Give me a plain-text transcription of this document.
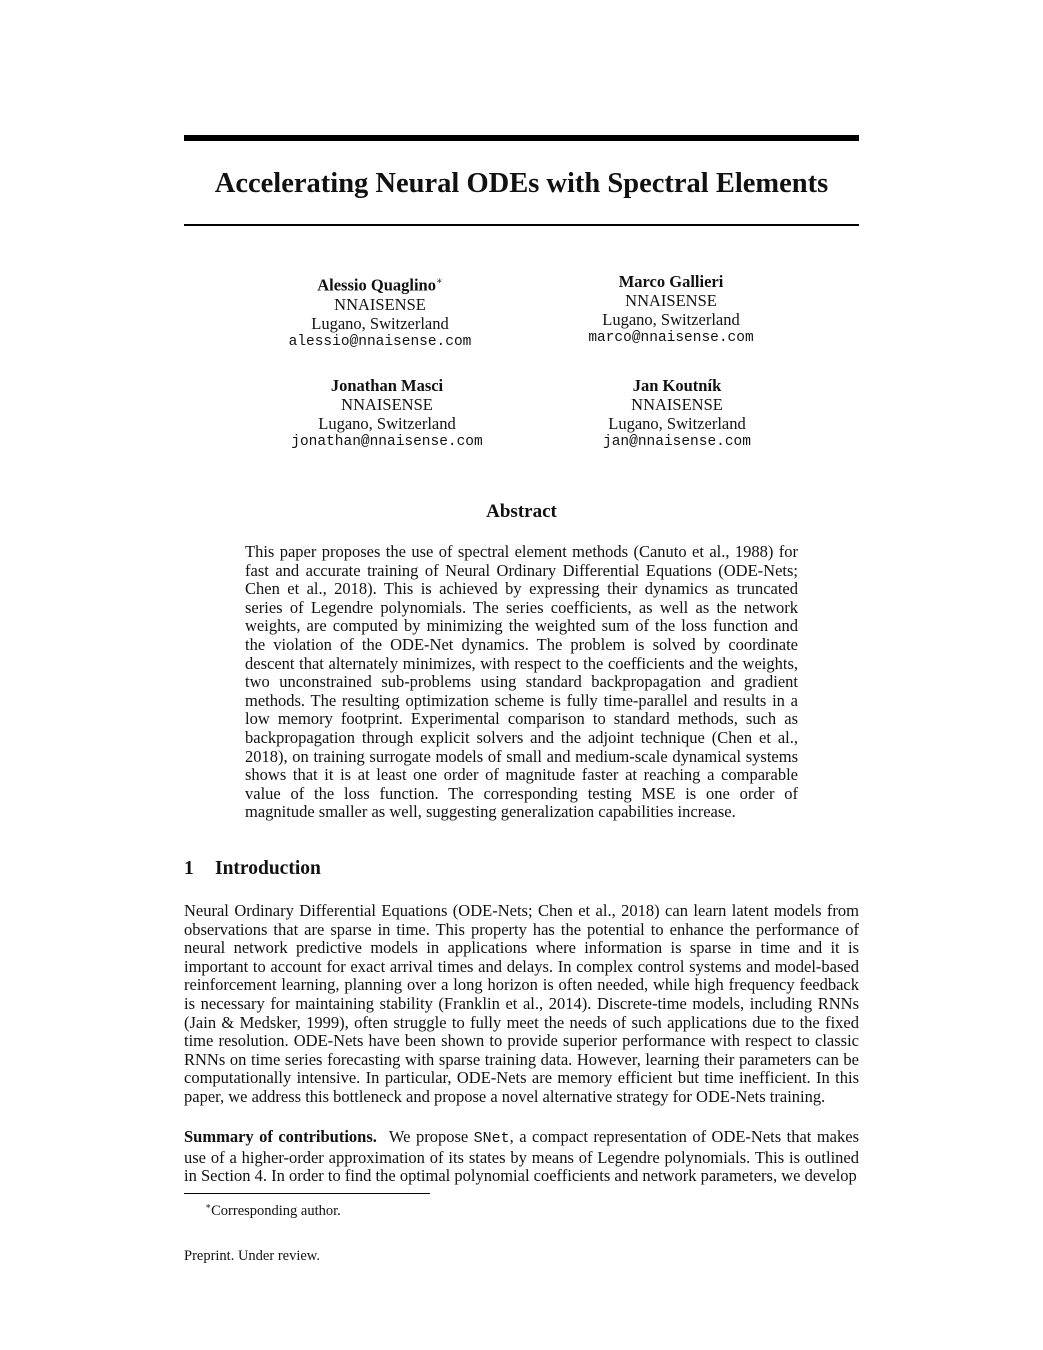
Accelerating Neural ODEs with Spectral Elements
Alessio Quaglino∗
NNAISENSE
Lugano, Switzerland
alessio@nnaisense.com
Marco Gallieri
NNAISENSE
Lugano, Switzerland
marco@nnaisense.com
Jonathan Masci
NNAISENSE
Lugano, Switzerland
jonathan@nnaisense.com
Jan Koutník
NNAISENSE
Lugano, Switzerland
jan@nnaisense.com
Abstract

This paper proposes the use of spectral element methods (Canuto et al., 1988) for fast and accurate training of Neural Ordinary Differential Equations (ODE-Nets; Chen et al., 2018). This is achieved by expressing their dynamics as truncated series of Legendre polynomials. The series coefficients, as well as the network weights, are computed by minimizing the weighted sum of the loss function and the violation of the ODE-Net dynamics. The problem is solved by coordinate descent that alternately minimizes, with respect to the coefficients and the weights, two unconstrained sub-problems using standard backpropagation and gradient methods. The resulting optimization scheme is fully time-parallel and results in a low memory footprint. Experimental comparison to standard methods, such as backpropagation through explicit solvers and the adjoint technique (Chen et al., 2018), on training surrogate models of small and medium-scale dynamical systems shows that it is at least one order of magnitude faster at reaching a comparable value of the loss function. The corresponding testing MSE is one order of magnitude smaller as well, suggesting generalization capabilities increase.

1 Introduction

Neural Ordinary Differential Equations (ODE-Nets; Chen et al., 2018) can learn latent models from observations that are sparse in time. This property has the potential to enhance the performance of neural network predictive models in applications where information is sparse in time and it is important to account for exact arrival times and delays. In complex control systems and model-based reinforcement learning, planning over a long horizon is often needed, while high frequency feedback is necessary for maintaining stability (Franklin et al., 2014). Discrete-time models, including RNNs (Jain & Medsker, 1999), often struggle to fully meet the needs of such applications due to the fixed time resolution. ODE-Nets have been shown to provide superior performance with respect to classic RNNs on time series forecasting with sparse training data. However, learning their parameters can be computationally intensive. In particular, ODE-Nets are memory efficient but time inefficient. In this paper, we address this bottleneck and propose a novel alternative strategy for ODE-Nets training.

Summary of contributions. We propose SNet, a compact representation of ODE-Nets that makes use of a higher-order approximation of its states by means of Legendre polynomials. This is outlined in Section 4. In order to find the optimal polynomial coefficients and network parameters, we develop

∗Corresponding author.

Preprint. Under review.
